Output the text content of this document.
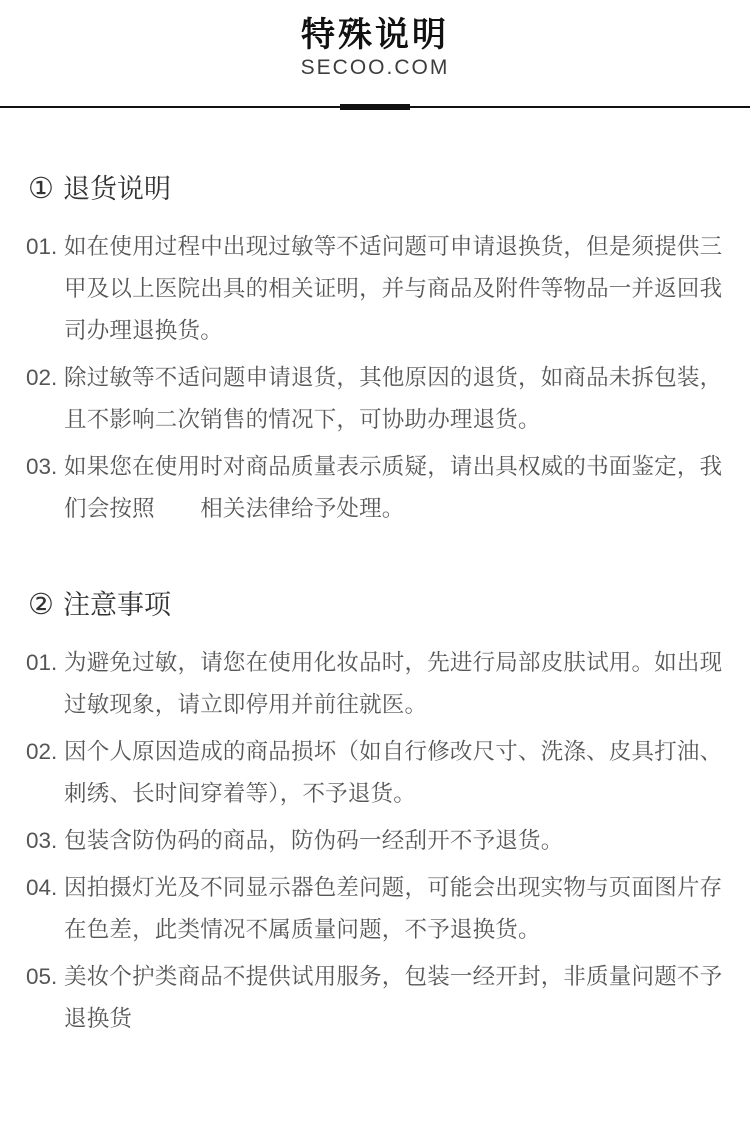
特殊说明
SECOO.COM
① 退货说明
01. 如在使用过程中出现过敏等不适问题可申请退换货，但是须提供三甲及以上医院出具的相关证明，并与商品及附件等物品一并返回我司办理退换货。

02. 除过敏等不适问题申请退货，其他原因的退货，如商品未拆包装，且不影响二次销售的情况下，可协助办理退货。

03. 如果您在使用时对商品质量表示质疑，请出具权威的书面鉴定，我们会按照　　相关法律给予处理。

② 注意事项
01. 为避免过敏，请您在使用化妆品时，先进行局部皮肤试用。如出现过敏现象，请立即停用并前往就医。

02. 因个人原因造成的商品损坏（如自行修改尺寸、洗涤、皮具打油、刺绣、长时间穿着等），不予退货。

03. 包装含防伪码的商品，防伪码一经刮开不予退货。

04. 因拍摄灯光及不同显示器色差问题，可能会出现实物与页面图片存在色差，此类情况不属质量问题，不予退换货。

05. 美妆个护类商品不提供试用服务，包装一经开封，非质量问题不予退换货
